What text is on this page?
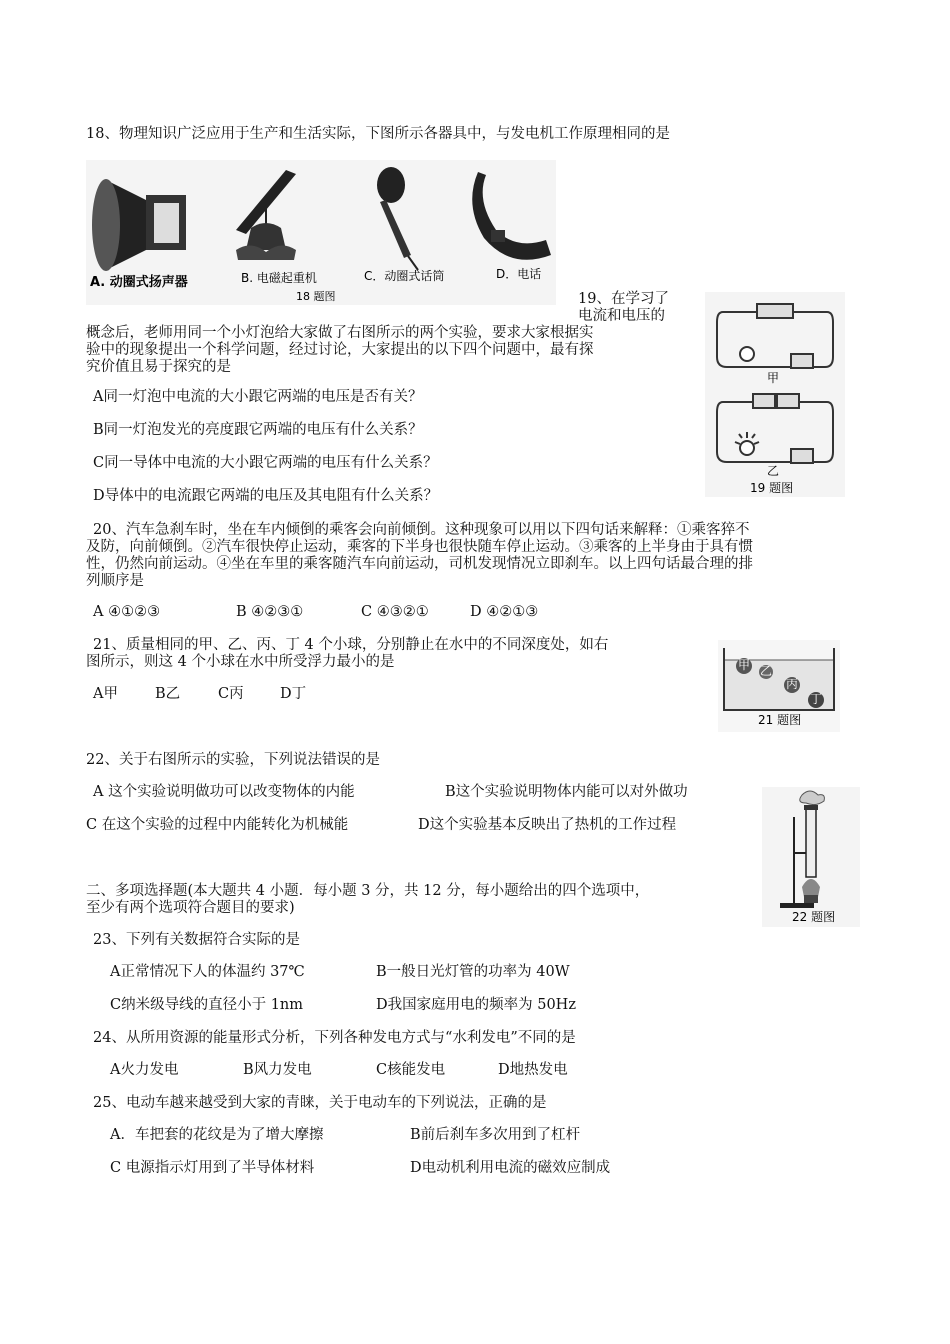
18、物理知识广泛应用于生产和生活实际，下图所示各器具中，与发电机工作原理相同的是
A. 动圈式扬声器	B. 电磁起重机	C．动圈式话筒	D．电话
18 题图	19、在学习了
电流和电压的
概念后，老师用同一个小灯泡给大家做了右图所示的两个实验，要求大家根据实
验中的现象提出一个科学问题，经过讨论，大家提出的以下四个问题中，最有探
究价值且易于探究的是
A同一灯泡中电流的大小跟它两端的电压是否有关？
B同一灯泡发光的亮度跟它两端的电压有什么关系？
C同一导体中电流的大小跟它两端的电压有什么关系？
D导体中的电流跟它两端的电压及其电阻有什么关系？
甲
乙
19 题图
20、汽车急刹车时，坐在车内倾倒的乘客会向前倾倒。这种现象可以用以下四句话来解释：①乘客猝不
及防，向前倾倒。②汽车很快停止运动，乘客的下半身也很快随车停止运动。③乘客的上半身由于具有惯
性，仍然向前运动。④坐在车里的乘客随汽车向前运动，司机发现情况立即刹车。以上四句话最合理的排
列顺序是
A ④①②③	B ④②③①	C ④③②①	D ④②①③
21、质量相同的甲、乙、丙、丁 4 个小球，分别静止在水中的不同深度处，如右
图所示，则这 4 个小球在水中所受浮力最小的是
A甲	B乙	C丙	D丁
甲 乙
丙
丁
21 题图
22、关于右图所示的实验，下列说法错误的是
A 这个实验说明做功可以改变物体的内能	B这个实验说明物体内能可以对外做功
C 在这个实验的过程中内能转化为机械能	D这个实验基本反映出了热机的工作过程
22 题图
二、多项选择题(本大题共 4 小题．每小题 3 分，共 12 分，每小题给出的四个选项中，
至少有两个选项符合题目的要求)
23、下列有关数据符合实际的是
A正常情况下人的体温约 37℃	B一般日光灯管的功率为 40W
C纳米级导线的直径小于 1nm	D我国家庭用电的频率为 50Hz
24、从所用资源的能量形式分析，下列各种发电方式与“水利发电”不同的是
A火力发电	B风力发电	C核能发电	D地热发电
25、电动车越来越受到大家的青睐，关于电动车的下列说法，正确的是
A．车把套的花纹是为了增大摩擦	B前后刹车多次用到了杠杆
C 电源指示灯用到了半导体材料	D电动机利用电流的磁效应制成
